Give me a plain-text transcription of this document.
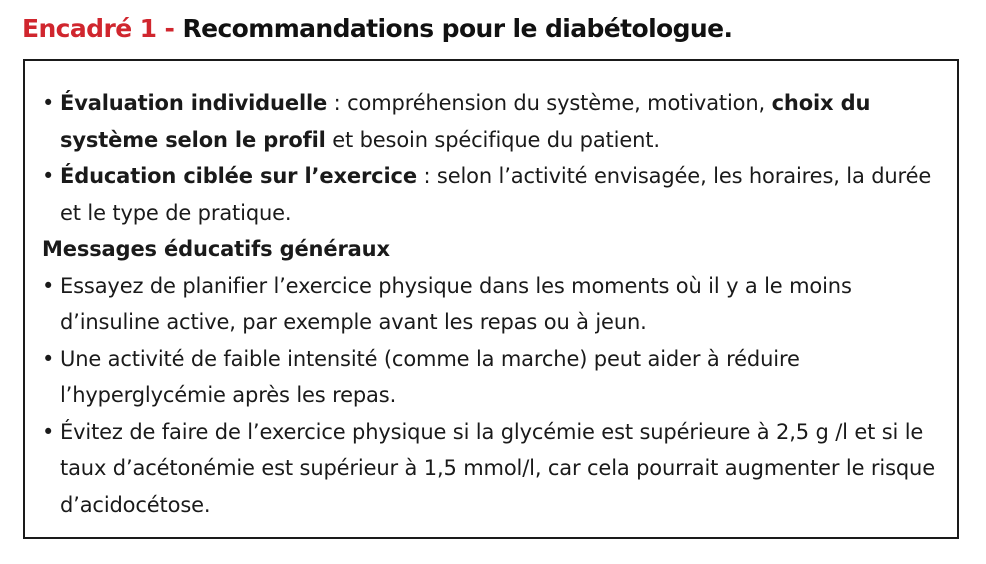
Encadré 1 - Recommandations pour le diabétologue.
• Évaluation individuelle : compréhension du système, motivation, choix du système selon le profil et besoin spécifique du patient.
• Éducation ciblée sur l’exercice : selon l’activité envisagée, les horaires, la durée et le type de pratique.
Messages éducatifs généraux
• Essayez de planifier l’exercice physique dans les moments où il y a le moins d’insuline active, par exemple avant les repas ou à jeun.
• Une activité de faible intensité (comme la marche) peut aider à réduire l’hyperglycémie après les repas.
• Évitez de faire de l’exercice physique si la glycémie est supérieure à 2,5 g /l et si le taux d’acétonémie est supérieur à 1,5 mmol/l, car cela pourrait augmenter le risque d’acidocétose.
